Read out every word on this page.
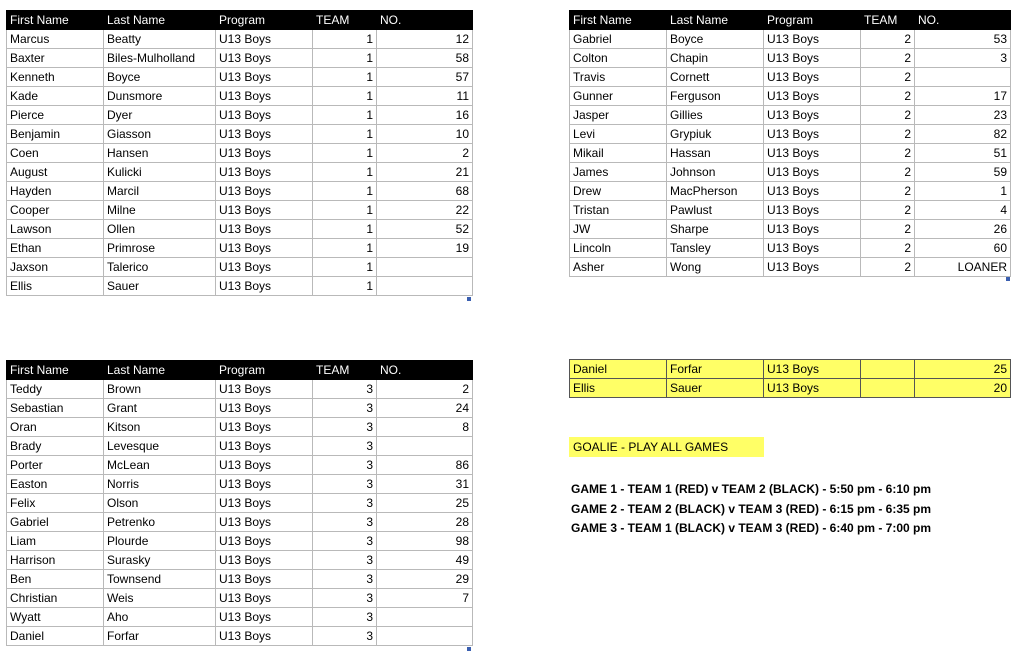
First Name	Last Name	Program	TEAM	NO.
Marcus	Beatty	U13 Boys	1	12
Baxter	Biles-Mulholland	U13 Boys	1	58
Kenneth	Boyce	U13 Boys	1	57
Kade	Dunsmore	U13 Boys	1	11
Pierce	Dyer	U13 Boys	1	16
Benjamin	Giasson	U13 Boys	1	10
Coen	Hansen	U13 Boys	1	2
August	Kulicki	U13 Boys	1	21
Hayden	Marcil	U13 Boys	1	68
Cooper	Milne	U13 Boys	1	22
Lawson	Ollen	U13 Boys	1	52
Ethan	Primrose	U13 Boys	1	19
Jaxson	Talerico	U13 Boys	1	
Ellis	Sauer	U13 Boys	1	
First Name	Last Name	Program	TEAM	NO.
Gabriel	Boyce	U13 Boys	2	53
Colton	Chapin	U13 Boys	2	3
Travis	Cornett	U13 Boys	2	
Gunner	Ferguson	U13 Boys	2	17
Jasper	Gillies	U13 Boys	2	23
Levi	Grypiuk	U13 Boys	2	82
Mikail	Hassan	U13 Boys	2	51
James	Johnson	U13 Boys	2	59
Drew	MacPherson	U13 Boys	2	1
Tristan	Pawlust	U13 Boys	2	4
JW	Sharpe	U13 Boys	2	26
Lincoln	Tansley	U13 Boys	2	60
Asher	Wong	U13 Boys	2	LOANER
First Name	Last Name	Program	TEAM	NO.
Teddy	Brown	U13 Boys	3	2
Sebastian	Grant	U13 Boys	3	24
Oran	Kitson	U13 Boys	3	8
Brady	Levesque	U13 Boys	3	
Porter	McLean	U13 Boys	3	86
Easton	Norris	U13 Boys	3	31
Felix	Olson	U13 Boys	3	25
Gabriel	Petrenko	U13 Boys	3	28
Liam	Plourde	U13 Boys	3	98
Harrison	Surasky	U13 Boys	3	49
Ben	Townsend	U13 Boys	3	29
Christian	Weis	U13 Boys	3	7
Wyatt	Aho	U13 Boys	3	
Daniel	Forfar	U13 Boys	3	
Daniel	Forfar	U13 Boys		25
Ellis	Sauer	U13 Boys		20
GOALIE - PLAY ALL GAMES
GAME 1 - TEAM 1 (RED) v TEAM 2 (BLACK) - 5:50 pm - 6:10 pm
GAME 2 - TEAM 2 (BLACK) v TEAM 3 (RED) - 6:15 pm - 6:35 pm
GAME 3 - TEAM 1 (BLACK) v TEAM 3 (RED) - 6:40 pm - 7:00 pm
